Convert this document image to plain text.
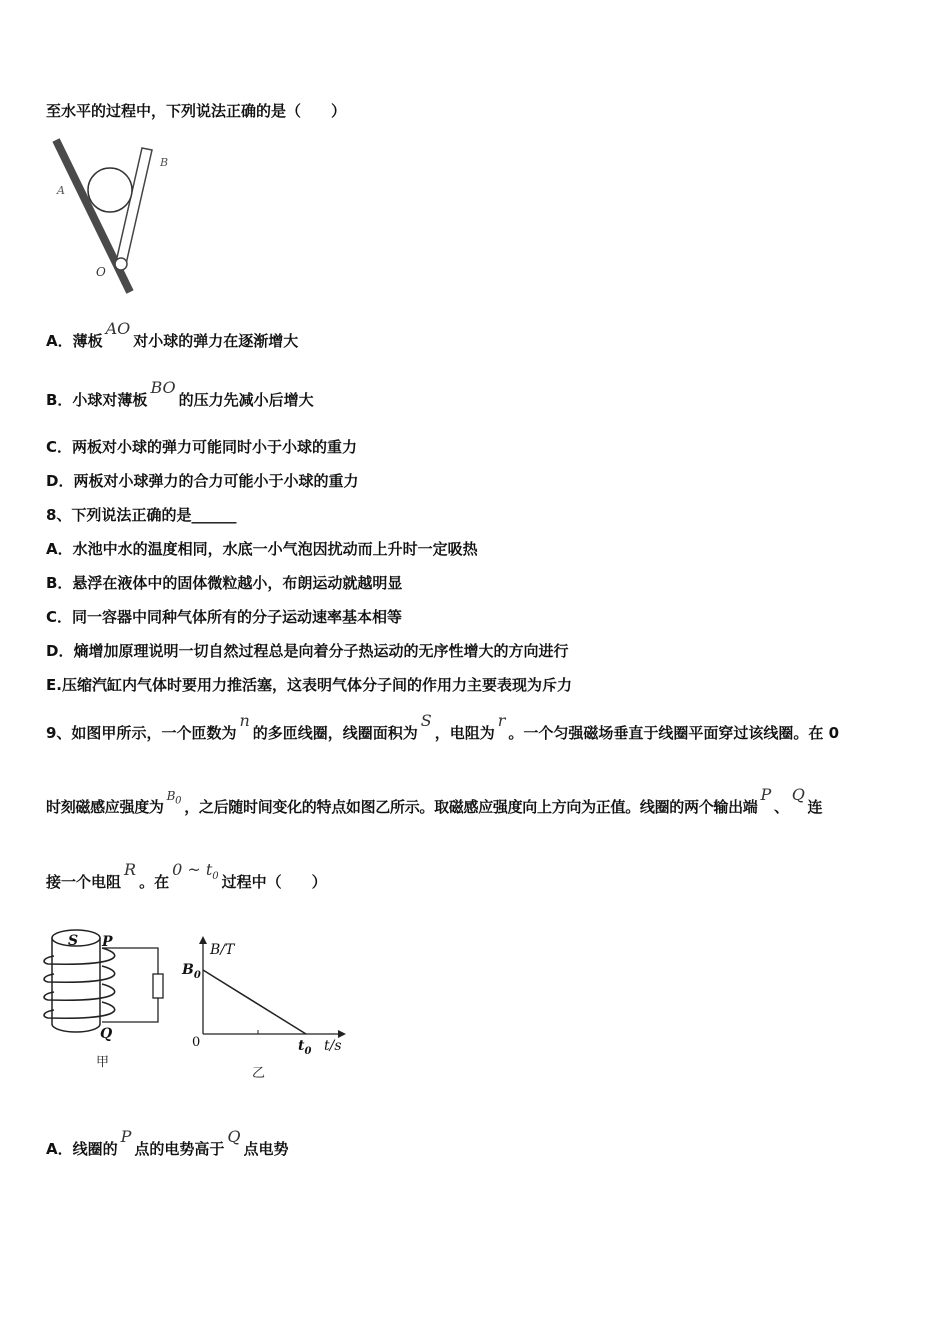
至水平的过程中，下列说法正确的是（　　）
A
B
O
A．薄板AO对小球的弹力在逐渐增大
B．小球对薄板BO的压力先减小后增大
C．两板对小球的弹力可能同时小于小球的重力
D．两板对小球弹力的合力可能小于小球的重力
8、下列说法正确的是______
A．水池中水的温度相同，水底一小气泡因扰动而上升时一定吸热
B．悬浮在液体中的固体微粒越小，布朗运动就越明显
C．同一容器中同种气体所有的分子运动速率基本相等
D．熵增加原理说明一切自然过程总是向着分子热运动的无序性增大的方向进行
E.压缩汽缸内气体时要用力推活塞，这表明气体分子间的作用力主要表现为斥力
9、如图甲所示，一个匝数为n的多匝线圈，线圈面积为S，电阻为r。一个匀强磁场垂直于线圈平面穿过该线圈。在 0
时刻磁感应强度为$^{B_0}$ ，之后随时间变化的特点如图乙所示。取磁感应强度向上方向为正值。线圈的两个输出端P、Q连
接一个电阻R。在0 ~ $t_0$ 过程中（　　）
S P
Q
甲
B/T
$B_0$
0	$t_0$ t/s
乙
A．线圈的P点的电势高于Q点电势
